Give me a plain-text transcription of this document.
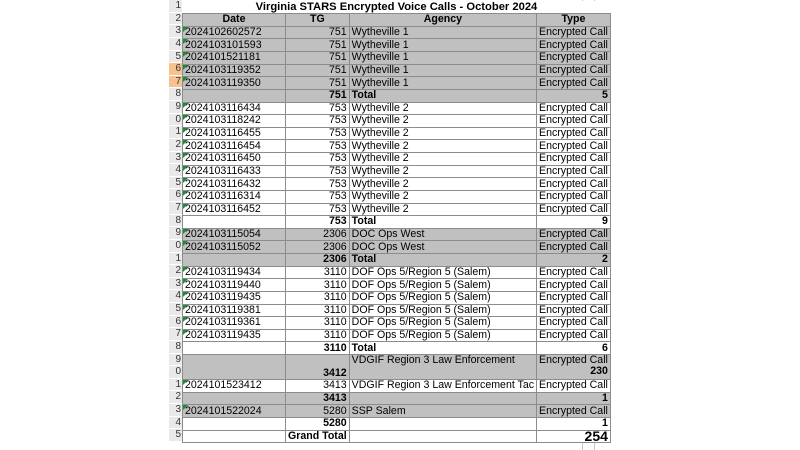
1
2
3
4
5
6
7
8
9
0
1
2
3
4
5
6
7
8
9
0
1
2
3
4
5
6
7
8
9
0
1
2
3
4
5
Virginia STARS Encrypted Voice Calls - October 2024			
Date	TG	Agency	Type

2024102602572	751	Wytheville 1	Encrypted Call

2024103101593	751	Wytheville 1	Encrypted Call

2024101521181	751	Wytheville 1	Encrypted Call

2024103119352	751	Wytheville 1	Encrypted Call

2024103119350	751	Wytheville 1	Encrypted Call
	751	Total	5

2024103116434	753	Wytheville 2	Encrypted Call

2024103118242	753	Wytheville 2	Encrypted Call

2024103116455	753	Wytheville 2	Encrypted Call

2024103116454	753	Wytheville 2	Encrypted Call

2024103116450	753	Wytheville 2	Encrypted Call

2024103116433	753	Wytheville 2	Encrypted Call

2024103116432	753	Wytheville 2	Encrypted Call

2024103116314	753	Wytheville 2	Encrypted Call

2024103116452	753	Wytheville 2	Encrypted Call
	753	Total	9

2024103115054	2306	DOC Ops West	Encrypted Call

2024103115052	2306	DOC Ops West	Encrypted Call
	2306	Total	2

2024103119434	3110	DOF Ops 5/Region 5 (Salem)	Encrypted Call

2024103119440	3110	DOF Ops 5/Region 5 (Salem)	Encrypted Call

2024103119435	3110	DOF Ops 5/Region 5 (Salem)	Encrypted Call

2024103119381	3110	DOF Ops 5/Region 5 (Salem)	Encrypted Call

2024103119361	3110	DOF Ops 5/Region 5 (Salem)	Encrypted Call

2024103119435	3110	DOF Ops 5/Region 5 (Salem)	Encrypted Call
	3110	Total	6
	3412	VDGIF Region 3 Law Enforcement	Encrypted Call
230

2024101523412	3413	VDGIF Region 3 Law Enforcement Tac	Encrypted Call
	3413		1

2024101522024	5280	SSP Salem	Encrypted Call
	5280		1
	Grand Total		254
